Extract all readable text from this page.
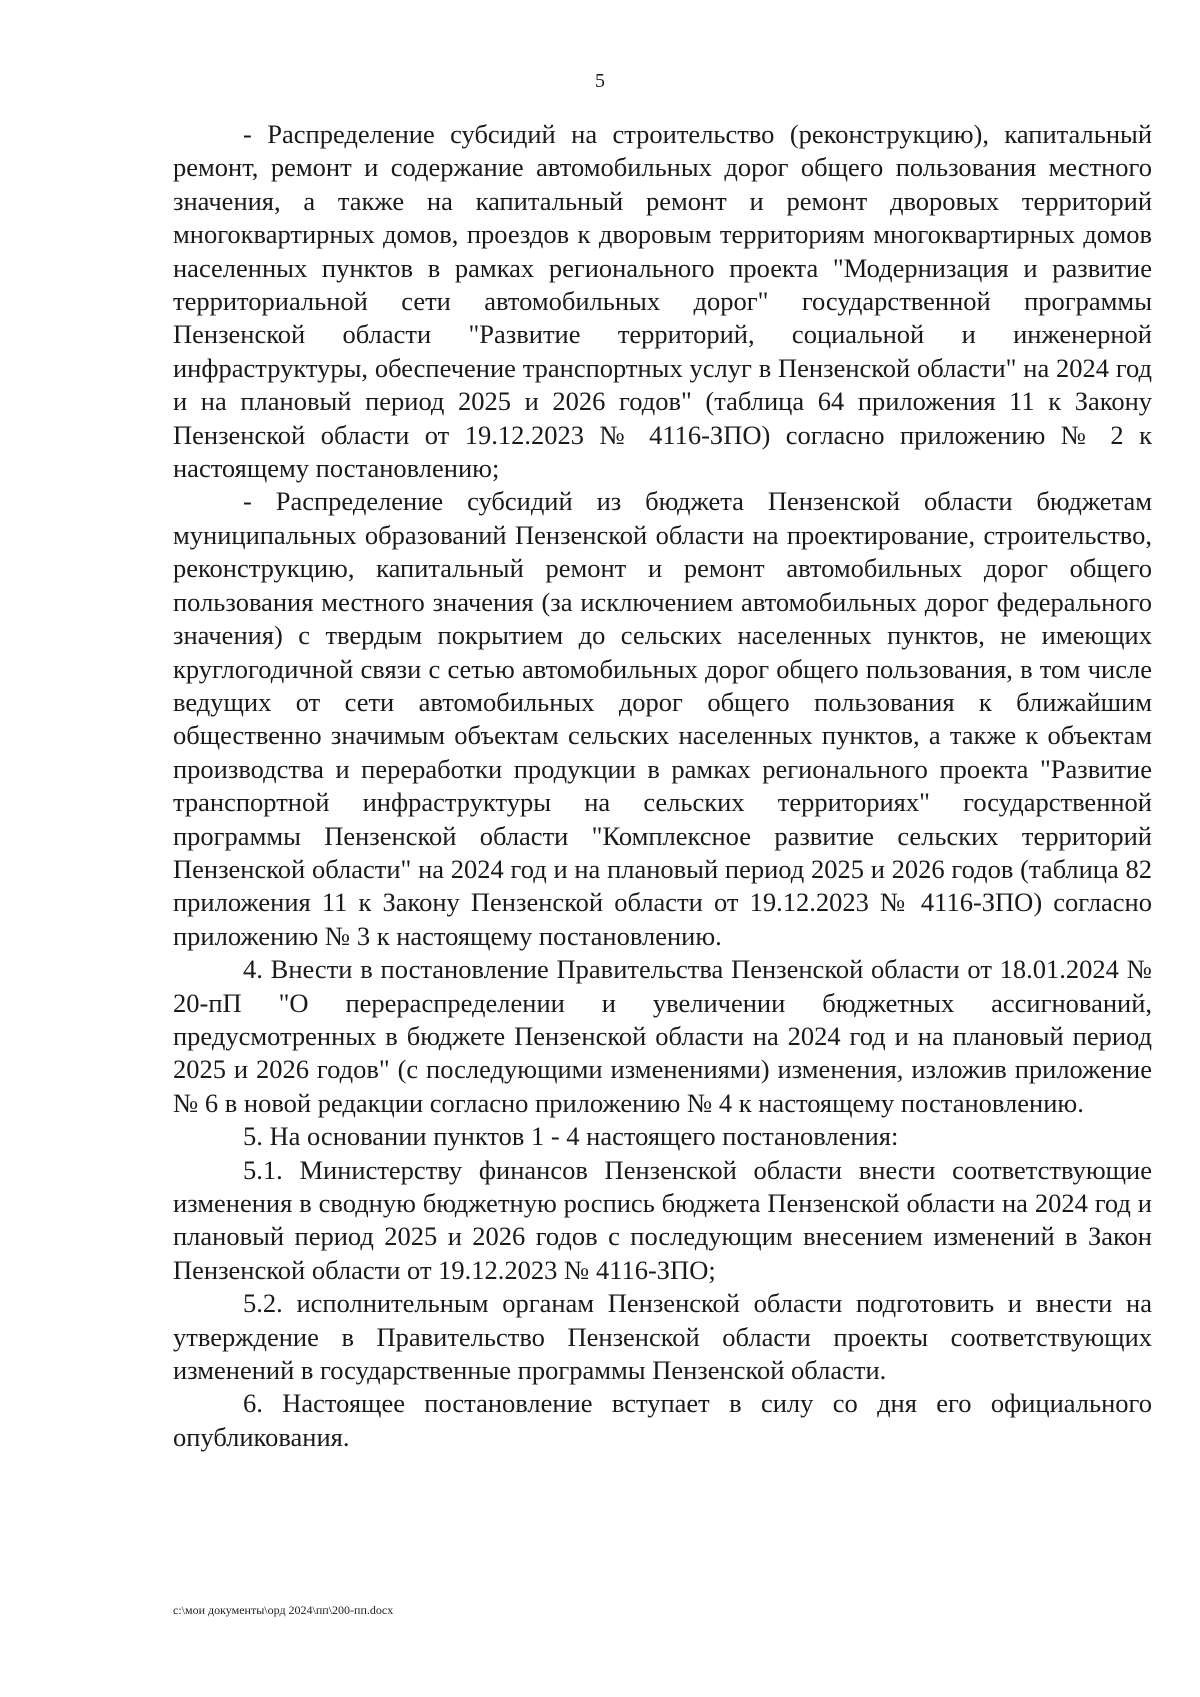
5

- Распределение субсидий на строительство (реконструкцию), капитальный ремонт, ремонт и содержание автомобильных дорог общего пользования местного значения, а также на капитальный ремонт и ремонт дворовых территорий многоквартирных домов, проездов к дворовым территориям многоквартирных домов населенных пунктов в рамках регионального проекта "Модернизация и развитие территориальной сети автомобильных дорог" государственной программы Пензенской области "Развитие территорий, социальной и инженерной инфраструктуры, обеспечение транспортных услуг в Пензенской области" на 2024 год и на плановый период 2025 и 2026 годов" (таблица 64 приложения 11 к Закону Пензенской области от 19.12.2023 № 4116-ЗПО) согласно приложению № 2 к настоящему постановлению;

- Распределение субсидий из бюджета Пензенской области бюджетам муниципальных образований Пензенской области на проектирование, строительство, реконструкцию, капитальный ремонт и ремонт автомобильных дорог общего пользования местного значения (за исключением автомобильных дорог федерального значения) с твердым покрытием до сельских населенных пунктов, не имеющих круглогодичной связи с сетью автомобильных дорог общего пользования, в том числе ведущих от сети автомобильных дорог общего пользования к ближайшим общественно значимым объектам сельских населенных пунктов, а также к объектам производства и переработки продукции в рамках регионального проекта "Развитие транспортной инфраструктуры на сельских территориях" государственной программы Пензенской области "Комплексное развитие сельских территорий Пензенской области" на 2024 год и на плановый период 2025 и 2026 годов (таблица 82 приложения 11 к Закону Пензенской области от 19.12.2023 № 4116-ЗПО) согласно приложению № 3 к настоящему постановлению.

4. Внести в постановление Правительства Пензенской области от 18.01.2024 № 20-пП "О перераспределении и увеличении бюджетных ассигнований, предусмотренных в бюджете Пензенской области на 2024 год и на плановый период 2025 и 2026 годов" (с последующими изменениями) изменения, изложив приложение № 6 в новой редакции согласно приложению № 4 к настоящему постановлению.

5. На основании пунктов 1 - 4 настоящего постановления:

5.1. Министерству финансов Пензенской области внести соответствующие изменения в сводную бюджетную роспись бюджета Пензенской области на 2024 год и плановый период 2025 и 2026 годов с последующим внесением изменений в Закон Пензенской области от 19.12.2023 № 4116-ЗПО;

5.2. исполнительным органам Пензенской области подготовить и внести на утверждение в Правительство Пензенской области проекты соответствующих изменений в государственные программы Пензенской области.

6. Настоящее постановление вступает в силу со дня его официального опубликования.

c:\мои документы\орд 2024\пп\200-пп.docx
